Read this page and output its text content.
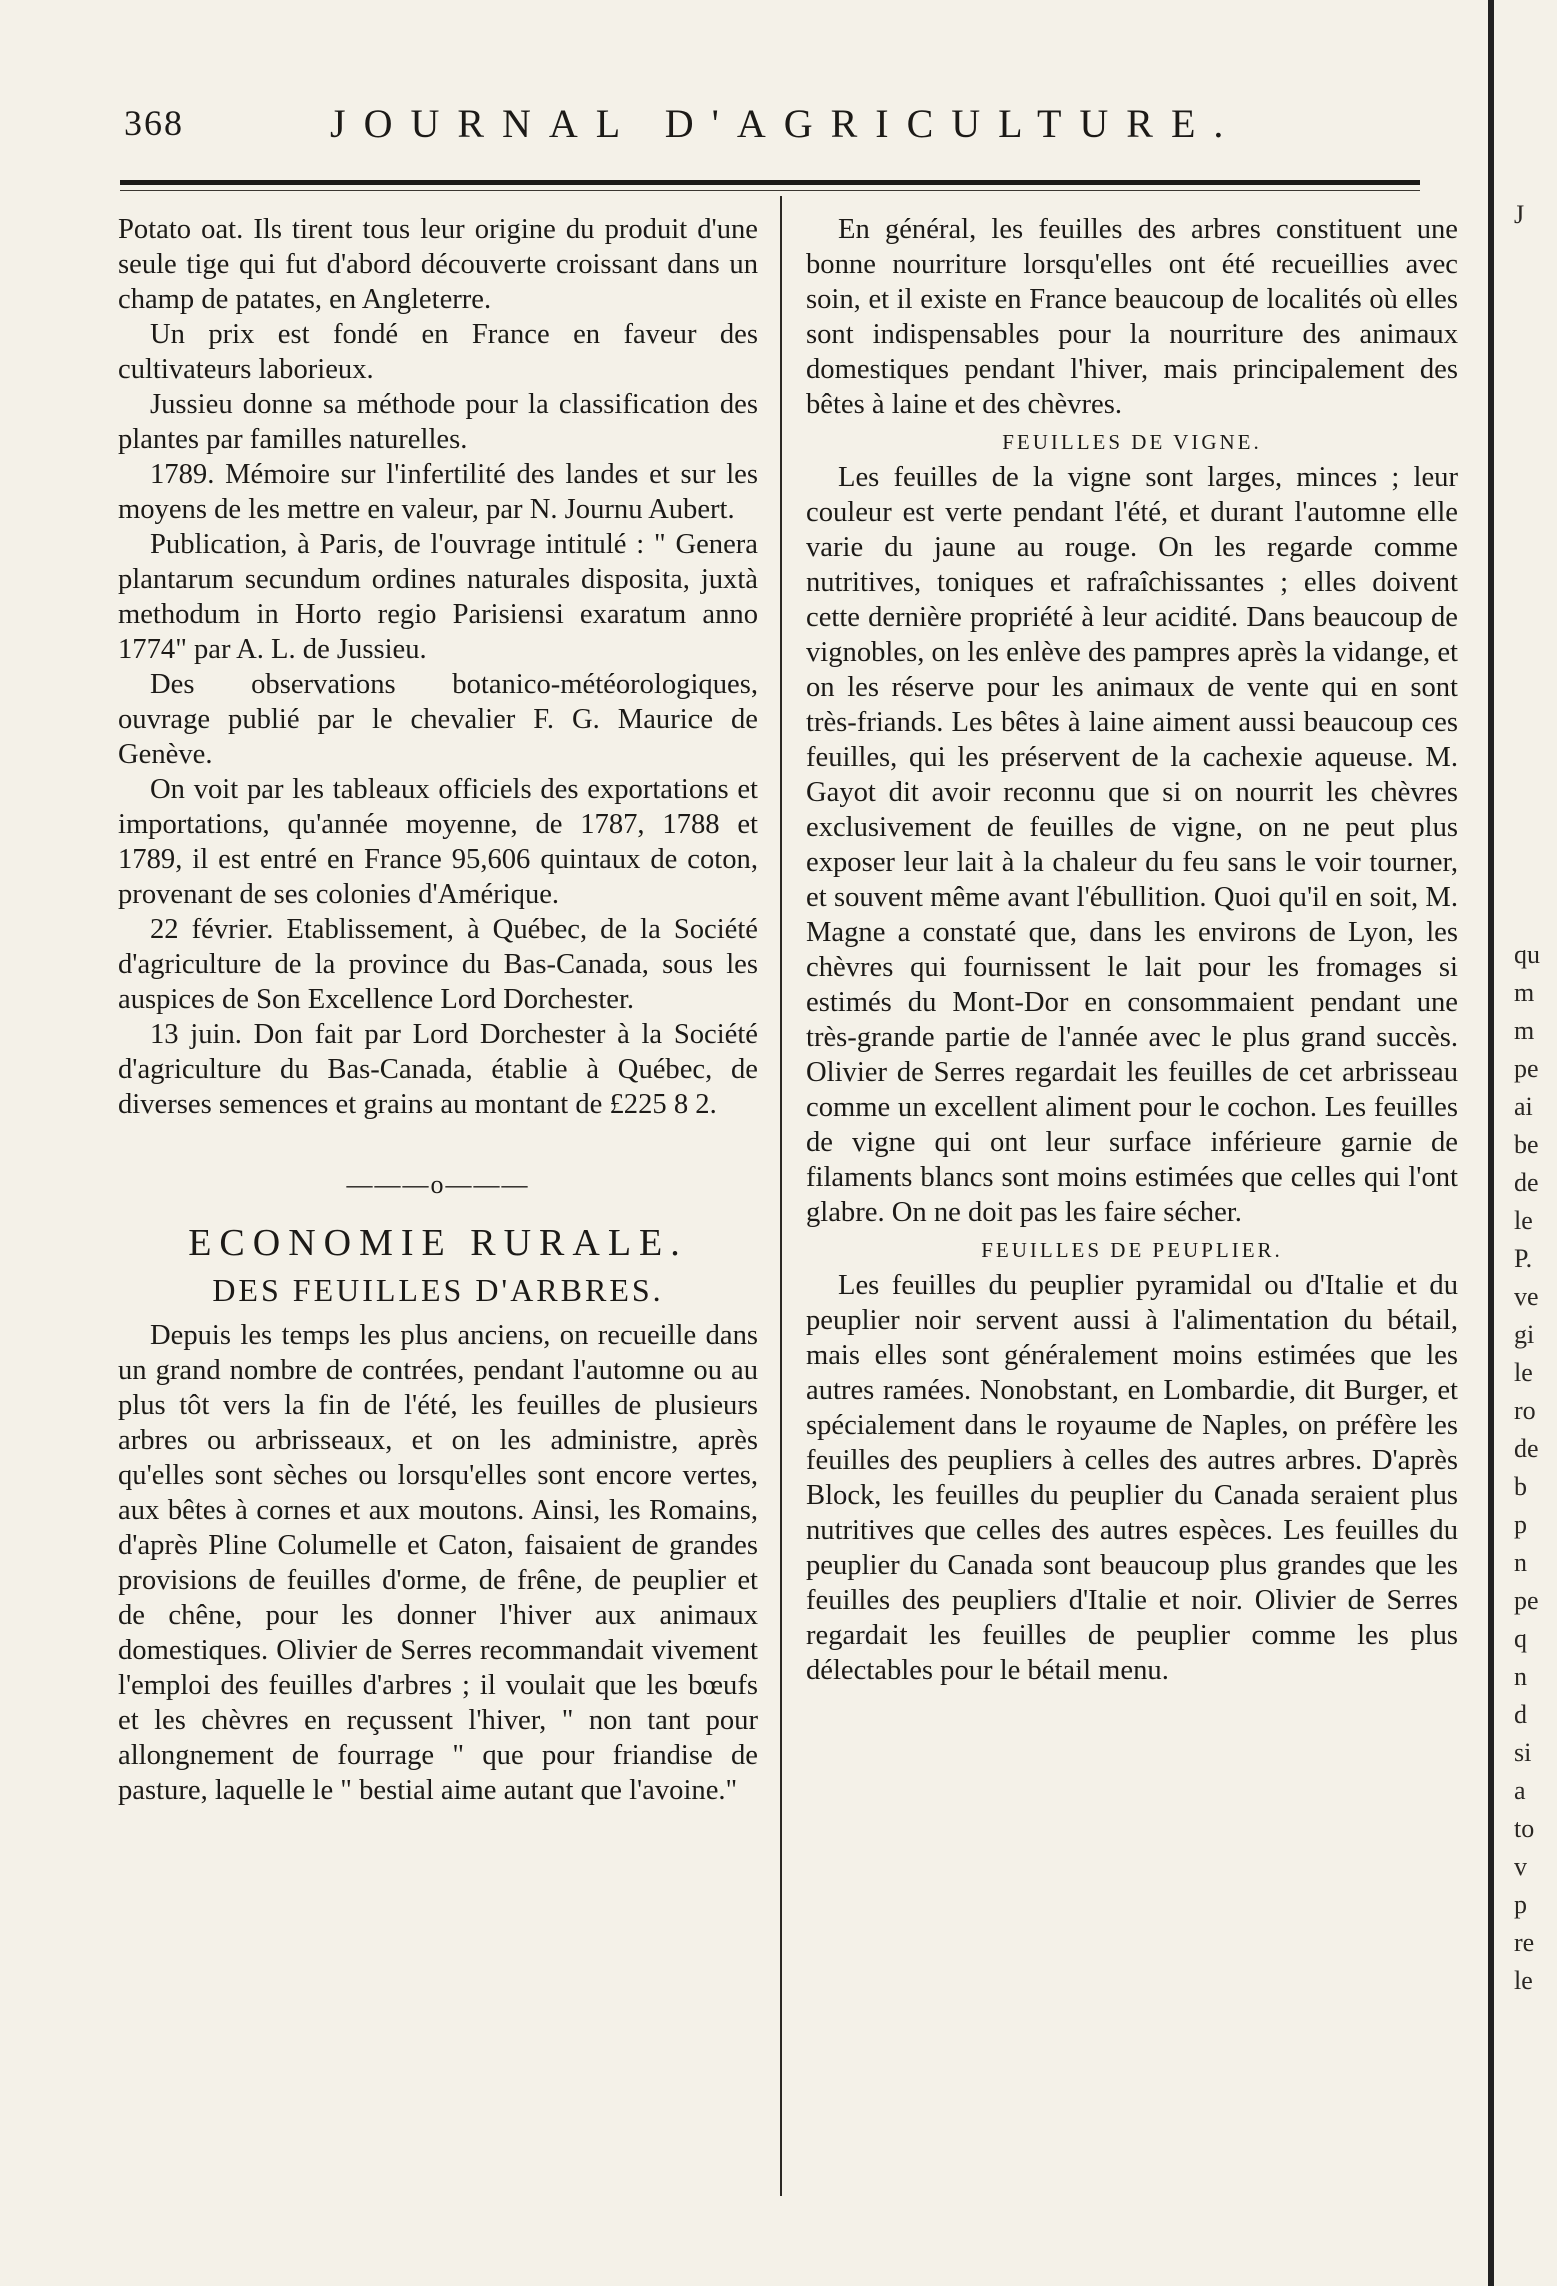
368	JOURNAL D'AGRICULTURE.

Potato oat. Ils tirent tous leur origine du produit d'une seule tige qui fut d'abord découverte croissant dans un champ de patates, en Angleterre.

Un prix est fondé en France en faveur des cultivateurs laborieux.

Jussieu donne sa méthode pour la classification des plantes par familles naturelles.

1789. Mémoire sur l'infertilité des landes et sur les moyens de les mettre en valeur, par N. Journu Aubert.

Publication, à Paris, de l'ouvrage intitulé : " Genera plantarum secundum ordines naturales disposita, juxtà methodum in Horto regio Parisiensi exaratum anno 1774" par A. L. de Jussieu.

Des observations botanico-météorologiques, ouvrage publié par le chevalier F. G. Maurice de Genève.

On voit par les tableaux officiels des exportations et importations, qu'année moyenne, de 1787, 1788 et 1789, il est entré en France 95,606 quintaux de coton, provenant de ses colonies d'Amérique.

22 février. Etablissement, à Québec, de la Société d'agriculture de la province du Bas-Canada, sous les auspices de Son Excellence Lord Dorchester.

13 juin. Don fait par Lord Dorchester à la Société d'agriculture du Bas-Canada, établie à Québec, de diverses semences et grains au montant de £225 8 2.

———o———
ECONOMIE RURALE.
DES FEUILLES D'ARBRES.

Depuis les temps les plus anciens, on recueille dans un grand nombre de contrées, pendant l'automne ou au plus tôt vers la fin de l'été, les feuilles de plusieurs arbres ou arbrisseaux, et on les administre, après qu'elles sont sèches ou lorsqu'elles sont encore vertes, aux bêtes à cornes et aux moutons. Ainsi, les Romains, d'après Pline Columelle et Caton, faisaient de grandes provisions de feuilles d'orme, de frêne, de peuplier et de chêne, pour les donner l'hiver aux animaux domestiques. Olivier de Serres recommandait vivement l'emploi des feuilles d'arbres ; il voulait que les bœufs et les chèvres en reçussent l'hiver, " non tant pour allongnement de fourrage " que pour friandise de pasture, laquelle le " bestial aime autant que l'avoine."

En général, les feuilles des arbres constituent une bonne nourriture lorsqu'elles ont été recueillies avec soin, et il existe en France beaucoup de localités où elles sont indispensables pour la nourriture des animaux domestiques pendant l'hiver, mais principalement des bêtes à laine et des chèvres.

FEUILLES DE VIGNE.

Les feuilles de la vigne sont larges, minces ; leur couleur est verte pendant l'été, et durant l'automne elle varie du jaune au rouge. On les regarde comme nutritives, toniques et rafraîchissantes ; elles doivent cette dernière propriété à leur acidité. Dans beaucoup de vignobles, on les enlève des pampres après la vidange, et on les réserve pour les animaux de vente qui en sont très-friands. Les bêtes à laine aiment aussi beaucoup ces feuilles, qui les préservent de la cachexie aqueuse. M. Gayot dit avoir reconnu que si on nourrit les chèvres exclusivement de feuilles de vigne, on ne peut plus exposer leur lait à la chaleur du feu sans le voir tourner, et souvent même avant l'ébullition. Quoi qu'il en soit, M. Magne a constaté que, dans les environs de Lyon, les chèvres qui fournissent le lait pour les fromages si estimés du Mont-Dor en consommaient pendant une très-grande partie de l'année avec le plus grand succès. Olivier de Serres regardait les feuilles de cet arbrisseau comme un excellent aliment pour le cochon. Les feuilles de vigne qui ont leur surface inférieure garnie de filaments blancs sont moins estimées que celles qui l'ont glabre. On ne doit pas les faire sécher.

FEUILLES DE PEUPLIER.

Les feuilles du peuplier pyramidal ou d'Italie et du peuplier noir servent aussi à l'alimentation du bétail, mais elles sont généralement moins estimées que les autres ramées. Nonobstant, en Lombardie, dit Burger, et spécialement dans le royaume de Naples, on préfère les feuilles des peupliers à celles des autres arbres. D'après Block, les feuilles du peuplier du Canada seraient plus nutritives que celles des autres espèces. Les feuilles du peuplier du Canada sont beaucoup plus grandes que les feuilles des peupliers d'Italie et noir. Olivier de Serres regardait les feuilles de peuplier comme les plus délectables pour le bétail menu.

J
qu
m
m
pe
ai
be
de
le
P.
ve
gi
le
ro
de
b
p
n
pe
q
n
d
si
a
to
v
p
re
le
